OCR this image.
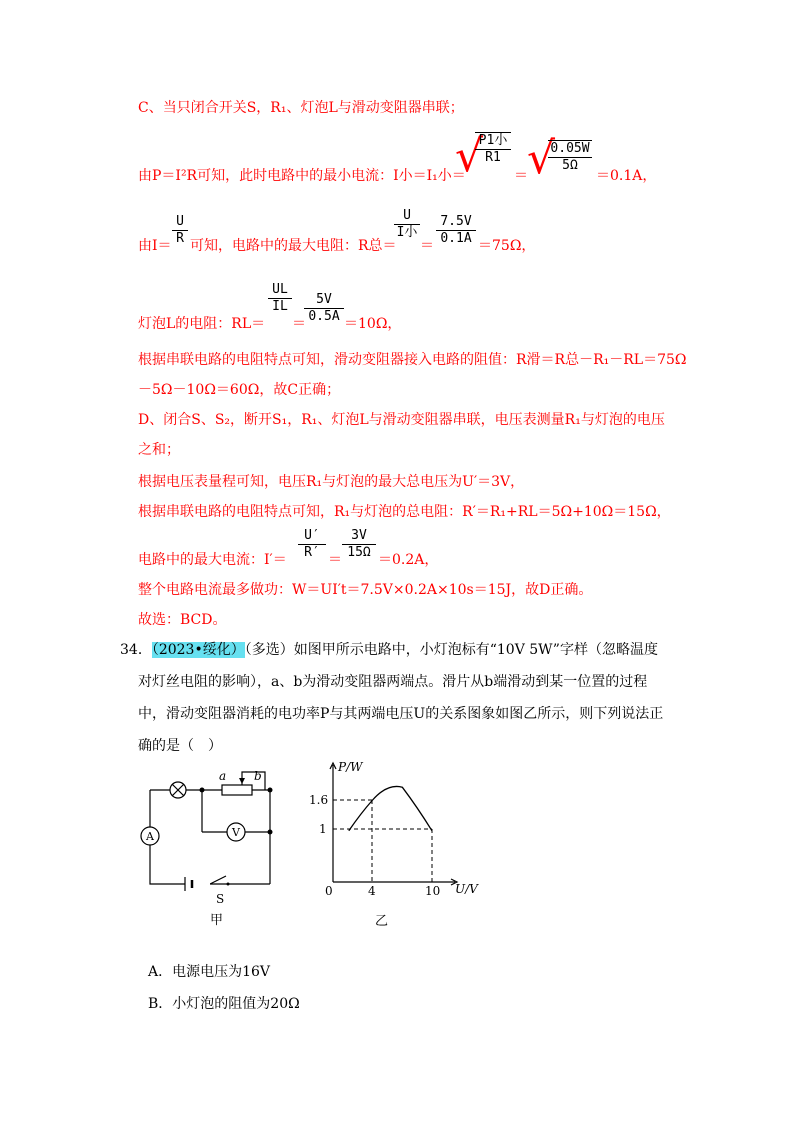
C、当只闭合开关S，R₁、灯泡L与滑动变阻器串联；
由P＝I²R可知，此时电路中的最小电流：I小＝I₁小＝
√
P1小
R1
＝ √
$\frac{0.05W}{5\Omega}$
＝0.1A，
由$I= \frac{U}{R}$ 可知，电路中的最大电阻：R总＝
U
I小
＝ $\frac{7.5V}{0.1A} =75\Omega$，
灯泡L的电阻：RL＝
$\frac{UL}{IL}$
＝
$\frac{5V}{0.5A} =10\Omega$，
根据串联电路的电阻特点可知，滑动变阻器接入电路的阻值：R滑＝R总－R₁－RL＝75Ω
－5Ω－10Ω＝60Ω，故C正确；
D、闭合S、S₂，断开S₁，R₁、灯泡L与滑动变阻器串联，电压表测量R₁与灯泡的电压
之和；
根据电压表量程可知，电压R₁与灯泡的最大总电压为U′＝3V，
根据串联电路的电阻特点可知，R₁与灯泡的总电阻：R′＝R₁+RL＝5Ω+10Ω＝15Ω，
电路中的最大电流：$I'= \frac{U'}{R'} = \frac{3V}{15\Omega} =0.2A$，
整个电路电流最多做功：W＝UI′t＝7.5V×0.2A×10s＝15J，故D正确。
故选：BCD。
34．（2023•绥化）（多选）如图甲所示电路中，小灯泡标有“10V 5W”字样（忽略温度
对灯丝电阻的影响），a、b为滑动变阻器两端点。滑片从b端滑动到某一位置的过程
中，滑动变阻器消耗的电功率P与其两端电压U的关系图象如图乙所示，则下列说法正
确的是（　）
a b
A	V
S
甲
P/W
U/V
0	4	10
1.6
1
乙
A．电源电压为16V
B．小灯泡的阻值为20Ω
